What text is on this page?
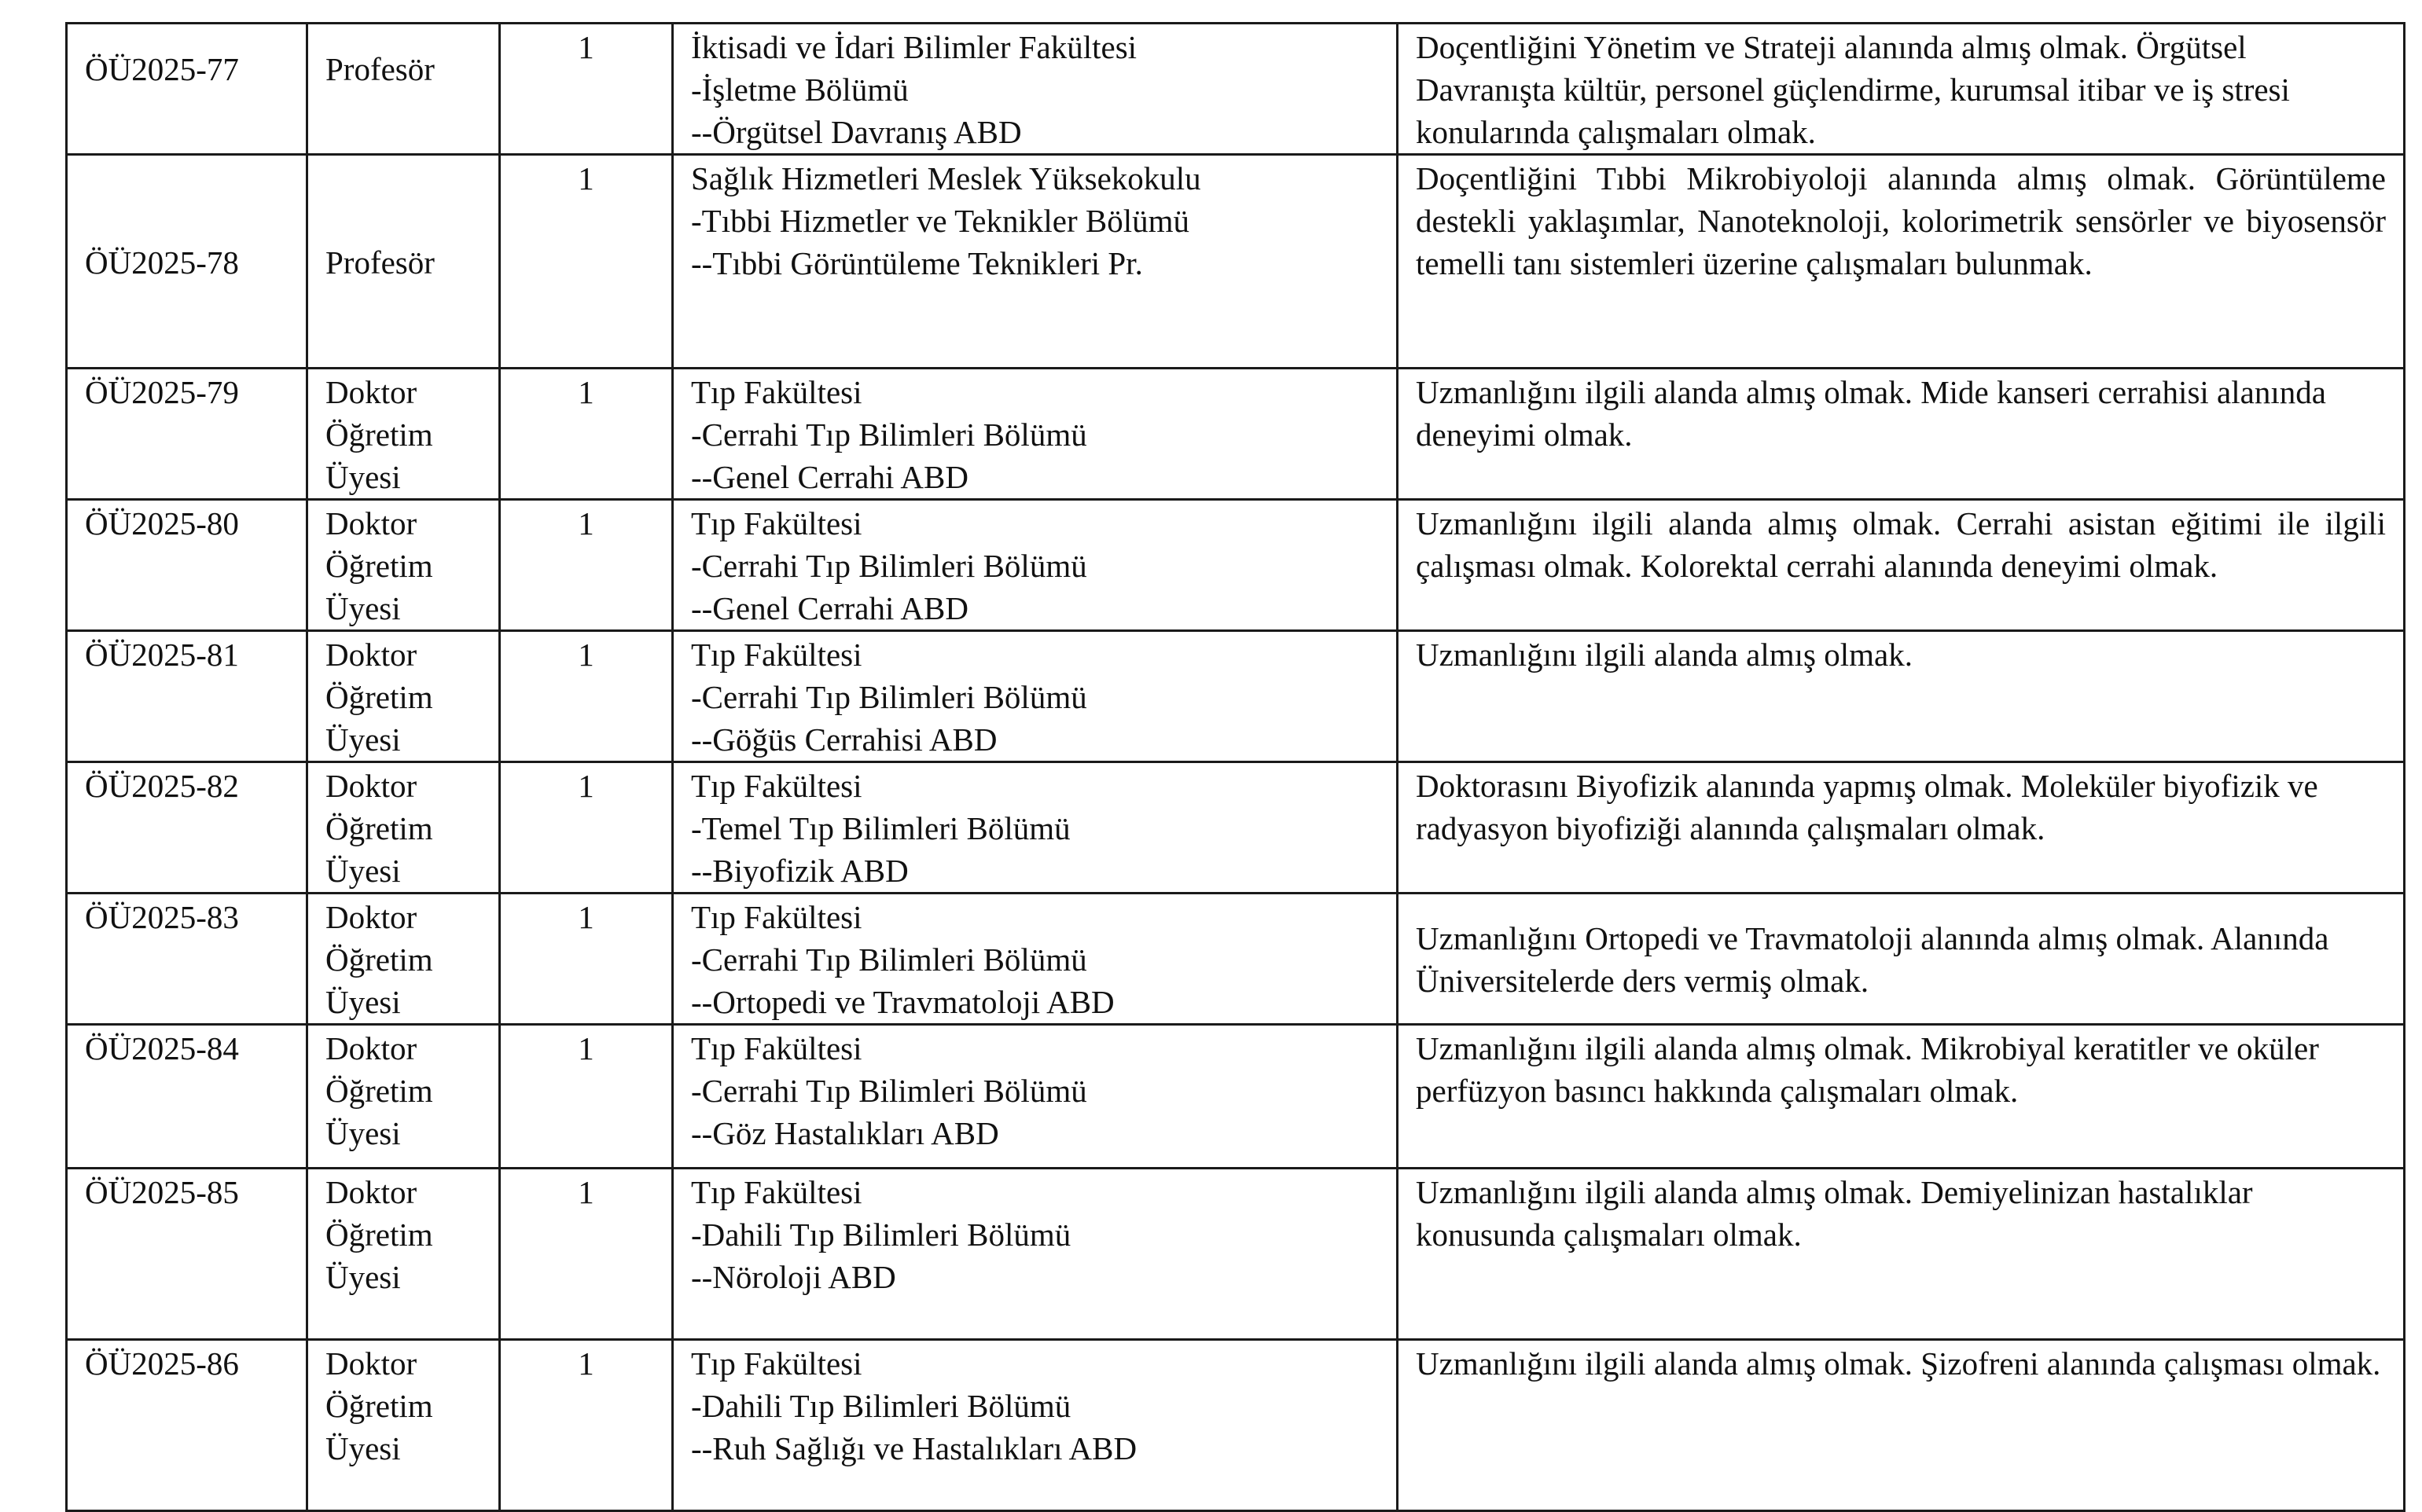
ÖÜ2025-77	Profesör	1	İktisadi ve İdari Bilimler Fakültesi
-İşletme Bölümü
--Örgütsel Davranış ABD	Doçentliğini Yönetim ve Strateji alanında almış olmak. Örgütsel Davranışta kültür, personel güçlendirme, kurumsal itibar ve iş stresi konularında çalışmaları olmak.
ÖÜ2025-78	Profesör	1	Sağlık Hizmetleri Meslek Yüksekokulu
-Tıbbi Hizmetler ve Teknikler Bölümü
--Tıbbi Görüntüleme Teknikleri Pr.	Doçentliğini Tıbbi Mikrobiyoloji alanında almış olmak. Görüntüleme destekli yaklaşımlar, Nanoteknoloji, kolorimetrik sensörler ve biyosensör temelli tanı sistemleri üzerine çalışmaları bulunmak.
ÖÜ2025-79	Doktor Öğretim Üyesi	1	Tıp Fakültesi
-Cerrahi Tıp Bilimleri Bölümü
--Genel Cerrahi ABD	Uzmanlığını ilgili alanda almış olmak. Mide kanseri cerrahisi alanında deneyimi olmak.
ÖÜ2025-80	Doktor Öğretim Üyesi	1	Tıp Fakültesi
-Cerrahi Tıp Bilimleri Bölümü
--Genel Cerrahi ABD	Uzmanlığını ilgili alanda almış olmak. Cerrahi asistan eğitimi ile ilgili çalışması olmak. Kolorektal cerrahi alanında deneyimi olmak.
ÖÜ2025-81	Doktor Öğretim Üyesi	1	Tıp Fakültesi
-Cerrahi Tıp Bilimleri Bölümü
--Göğüs Cerrahisi ABD	Uzmanlığını ilgili alanda almış olmak.
ÖÜ2025-82	Doktor Öğretim Üyesi	1	Tıp Fakültesi
-Temel Tıp Bilimleri Bölümü
--Biyofizik ABD	Doktorasını Biyofizik alanında yapmış olmak. Moleküler biyofizik ve radyasyon biyofiziği alanında çalışmaları olmak.
ÖÜ2025-83	Doktor Öğretim Üyesi	1	Tıp Fakültesi
-Cerrahi Tıp Bilimleri Bölümü
--Ortopedi ve Travmatoloji ABD	Uzmanlığını Ortopedi ve Travmatoloji alanında almış olmak. Alanında Üniversitelerde ders vermiş olmak.
ÖÜ2025-84	Doktor Öğretim Üyesi	1	Tıp Fakültesi
-Cerrahi Tıp Bilimleri Bölümü
--Göz Hastalıkları ABD	Uzmanlığını ilgili alanda almış olmak. Mikrobiyal keratitler ve oküler perfüzyon basıncı hakkında çalışmaları olmak.
ÖÜ2025-85	Doktor Öğretim Üyesi	1	Tıp Fakültesi
-Dahili Tıp Bilimleri Bölümü
--Nöroloji ABD	Uzmanlığını ilgili alanda almış olmak. Demiyelinizan hastalıklar konusunda çalışmaları olmak.
ÖÜ2025-86	Doktor Öğretim Üyesi	1	Tıp Fakültesi
-Dahili Tıp Bilimleri Bölümü
--Ruh Sağlığı ve Hastalıkları ABD	Uzmanlığını ilgili alanda almış olmak. Şizofreni alanında çalışması olmak.
